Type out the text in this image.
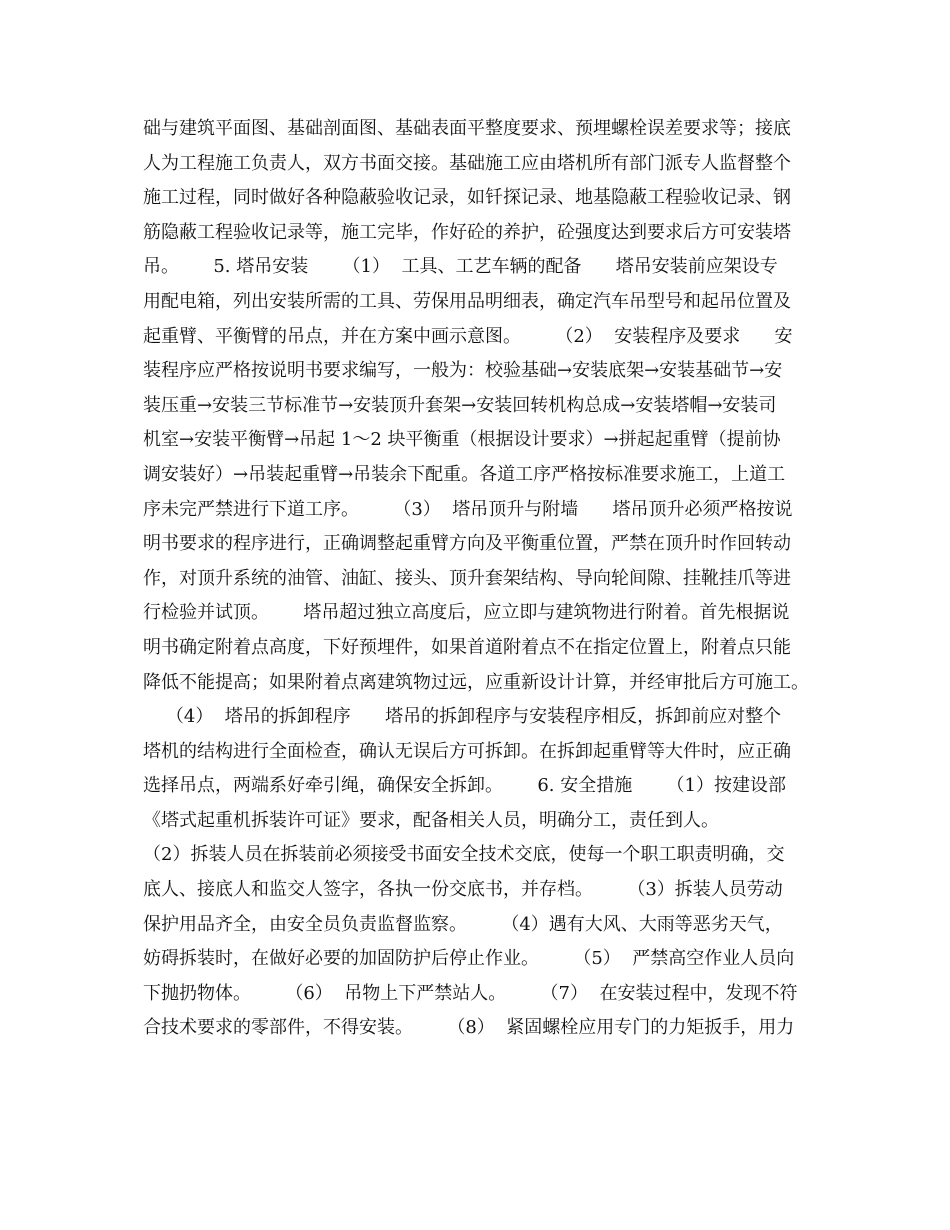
础与建筑平面图、基础剖面图、基础表面平整度要求、预埋螺栓误差要求等；接底
人为工程施工负责人，双方书面交接。基础施工应由塔机所有部门派专人监督整个
施工过程，同时做好各种隐蔽验收记录，如钎探记录、地基隐蔽工程验收记录、钢
筋隐蔽工程验收记录等，施工完毕，作好砼的养护，砼强度达到要求后方可安装塔
吊。      5. 塔吊安装      （1）  工具、工艺车辆的配备      塔吊安装前应架设专
用配电箱，列出安装所需的工具、劳保用品明细表，确定汽车吊型号和起吊位置及
起重臂、平衡臂的吊点，并在方案中画示意图。      （2）  安装程序及要求      安
装程序应严格按说明书要求编写，一般为：校验基础→安装底架→安装基础节→安
装压重→安装三节标准节→安装顶升套架→安装回转机构总成→安装塔帽→安装司
机室→安装平衡臂→吊起 1～2 块平衡重（根据设计要求）→拼起起重臂（提前协
调安装好）→吊装起重臂→吊装余下配重。各道工序严格按标准要求施工，上道工
序未完严禁进行下道工序。      （3）  塔吊顶升与附墙      塔吊顶升必须严格按说
明书要求的程序进行，正确调整起重臂方向及平衡重位置，严禁在顶升时作回转动
作，对顶升系统的油管、油缸、接头、顶升套架结构、导向轮间隙、挂靴挂爪等进
行检验并试顶。      塔吊超过独立高度后，应立即与建筑物进行附着。首先根据说
明书确定附着点高度，下好预埋件，如果首道附着点不在指定位置上，附着点只能
降低不能提高；如果附着点离建筑物过远，应重新设计计算，并经审批后方可施工。
（4）  塔吊的拆卸程序      塔吊的拆卸程序与安装程序相反，拆卸前应对整个
塔机的结构进行全面检查，确认无误后方可拆卸。在拆卸起重臂等大件时，应正确
选择吊点，两端系好牵引绳，确保安全拆卸。      6. 安全措施      （1）按建设部
《塔式起重机拆装许可证》要求，配备相关人员，明确分工，责任到人。
（2）拆装人员在拆装前必须接受书面安全技术交底，使每一个职工职责明确，交
底人、接底人和监交人签字，各执一份交底书，并存档。      （3）拆装人员劳动
保护用品齐全，由安全员负责监督监察。      （4）遇有大风、大雨等恶劣天气，
妨碍拆装时，在做好必要的加固防护后停止作业。      （5）  严禁高空作业人员向
下抛扔物体。      （6）  吊物上下严禁站人。      （7）  在安装过程中，发现不符
合技术要求的零部件，不得安装。      （8）  紧固螺栓应用专门的力矩扳手，用力
